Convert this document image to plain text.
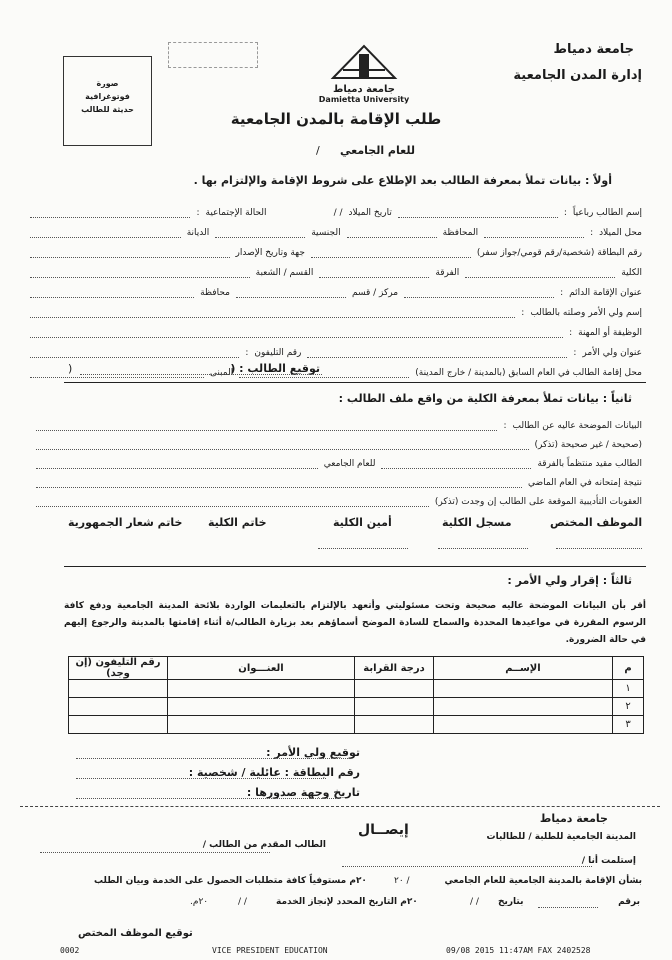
جامعة دمياط
إدارة المدن الجامعية
جامعة دمياط
Damietta University
صورة
فوتوغرافية
حديثة للطالب
طلب الإقامة بالمدن الجامعية
للعام الجامعي
/
أولاً : بيانات تملأ بمعرفة الطالب بعد الإطلاع على شروط الإقامة والإلتزام بها .
إسم الطالب رباعياً
:
تاريخ الميلاد
/ /
الحالة الإجتماعية
:
محل الميلاد
:
المحافظة
الجنسية
الديانة
رقم البطاقة (شخصية/رقم قومي/جواز سفر)
جهة وتاريخ الإصدار
الكلية
الفرقة
القسم / الشعبة
عنوان الإقامة الدائم
:
مركز / قسم
محافظة
إسم ولي الأمر وصلته بالطالب
:
الوظيفة أو المهنة
:
عنوان ولي الأمر
:
رقم التليفون
:
محل إقامة الطالب في العام السابق (بالمدينة / خارج المدينة)
المبنى
توقيع الطالب : (
)
ثانياً : بيانات تملأ بمعرفة الكلية من واقع ملف الطالب :
البيانات الموضحة عاليه عن الطالب
:
(صحيحة / غير صحيحة (تذكر)
الطالب مقيد منتظماً بالفرقة
للعام الجامعي
نتيجة إمتحانه في العام الماضي
العقوبات التأديبية الموقعة على الطالب إن وجدت (تذكر)
الموظف المختص
مسجل الكلية
أمين الكلية
خاتم الكلية
خاتم شعار الجمهورية
ثالثاً : إقرار ولي الأمر :
أقر بأن البيانات الموضحة عاليه صحيحة وتحت مسئوليتي وأتعهد بالإلتزام بالتعليمات الواردة بلائحة المدينة الجامعية ودفع كافة الرسوم المقررة في مواعيدها المحددة والسماح للسادة الموضح أسماؤهم بعد بزيارة الطالب/ة أثناء إقامتها بالمدينة والرجوع إليهم في حالة الضرورة.
م	الإســم	درجة القرابة	العنـــوان	رقم التليفون (إن وجد)
١				
٢				
٣				
توقيع ولي الأمر :
رقم البطاقة : عائلية / شخصية :
تاريخ وجهة صدورها :
جامعة دمياط
المدينة الجامعية للطلبة / للطالبات
إيصــال
إستلمت أنا /
الطالب المقدم من الطالب /
بشأن الإقامة بالمدينة الجامعية للعام الجامعي
٢٠ /
٢٠م مستوفياً كافة متطلبات الحصول على الخدمة وبيان الطلب
برقم
بتاريخ
/ /
٢٠م التاريخ المحدد لإنجاز الخدمة
/ /
٢٠م.
توقيع الموظف المختص
09/08 2015 11:47AM FAX 2402528
VICE PRESIDENT EDUCATION
0002
